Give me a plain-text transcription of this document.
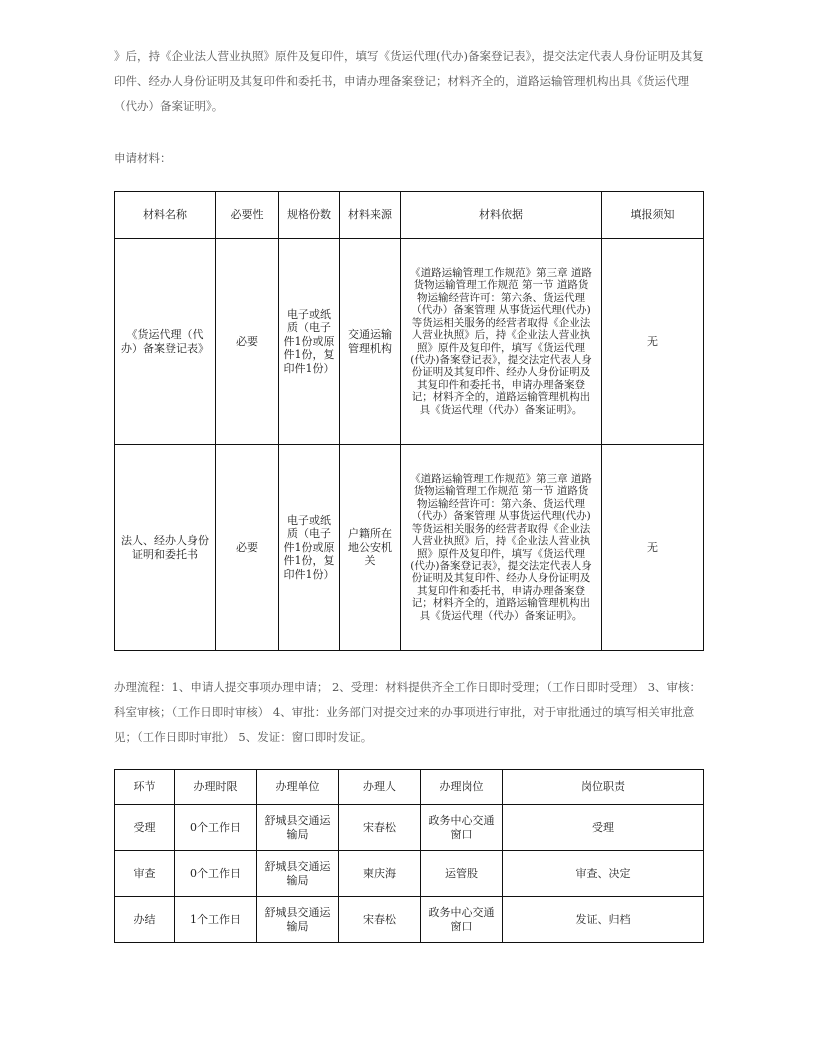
》后，持《企业法人营业执照》原件及复印件，填写《货运代理(代办)备案登记表》，提交法定代表人身份证明及其复印件、经办人身份证明及其复印件和委托书，申请办理备案登记；材料齐全的，道路运输管理机构出具《货运代理（代办）备案证明》。

申请材料：

材料名称	必要性	规格份数	材料来源	材料依据	填报须知
《货运代理（代办）备案登记表》	必要	电子或纸质（电子件1份或原件1份，复印件1份）	交通运输管理机构	《道路运输管理工作规范》第三章 道路货物运输管理工作规范 第一节 道路货物运输经营许可：第六条、货运代理（代办）备案管理 从事货运代理(代办)等货运相关服务的经营者取得《企业法人营业执照》后，持《企业法人营业执照》原件及复印件，填写《货运代理(代办)备案登记表》，提交法定代表人身份证明及其复印件、经办人身份证明及其复印件和委托书，申请办理备案登记；材料齐全的，道路运输管理机构出具《货运代理（代办）备案证明》。	无
法人、经办人身份证明和委托书	必要	电子或纸质（电子件1份或原件1份，复印件1份）	户籍所在地公安机关	《道路运输管理工作规范》第三章 道路货物运输管理工作规范 第一节 道路货物运输经营许可：第六条、货运代理（代办）备案管理 从事货运代理(代办)等货运相关服务的经营者取得《企业法人营业执照》后，持《企业法人营业执照》原件及复印件，填写《货运代理(代办)备案登记表》，提交法定代表人身份证明及其复印件、经办人身份证明及其复印件和委托书，申请办理备案登记；材料齐全的，道路运输管理机构出具《货运代理（代办）备案证明》。	无

办理流程：1、申请人提交事项办理申请； 2、受理：材料提供齐全工作日即时受理；（工作日即时受理） 3、审核：科室审核；（工作日即时审核） 4、审批：业务部门对提交过来的办事项进行审批，对于审批通过的填写相关审批意见；（工作日即时审批） 5、发证：窗口即时发证。

环节	办理时限	办理单位	办理人	办理岗位	岗位职责
受理	0个工作日	舒城县交通运输局	宋春松	政务中心交通窗口	受理
审查	0个工作日	舒城县交通运输局	柬庆海	运管股	审查、决定
办结	1个工作日	舒城县交通运输局	宋春松	政务中心交通窗口	发证、归档
